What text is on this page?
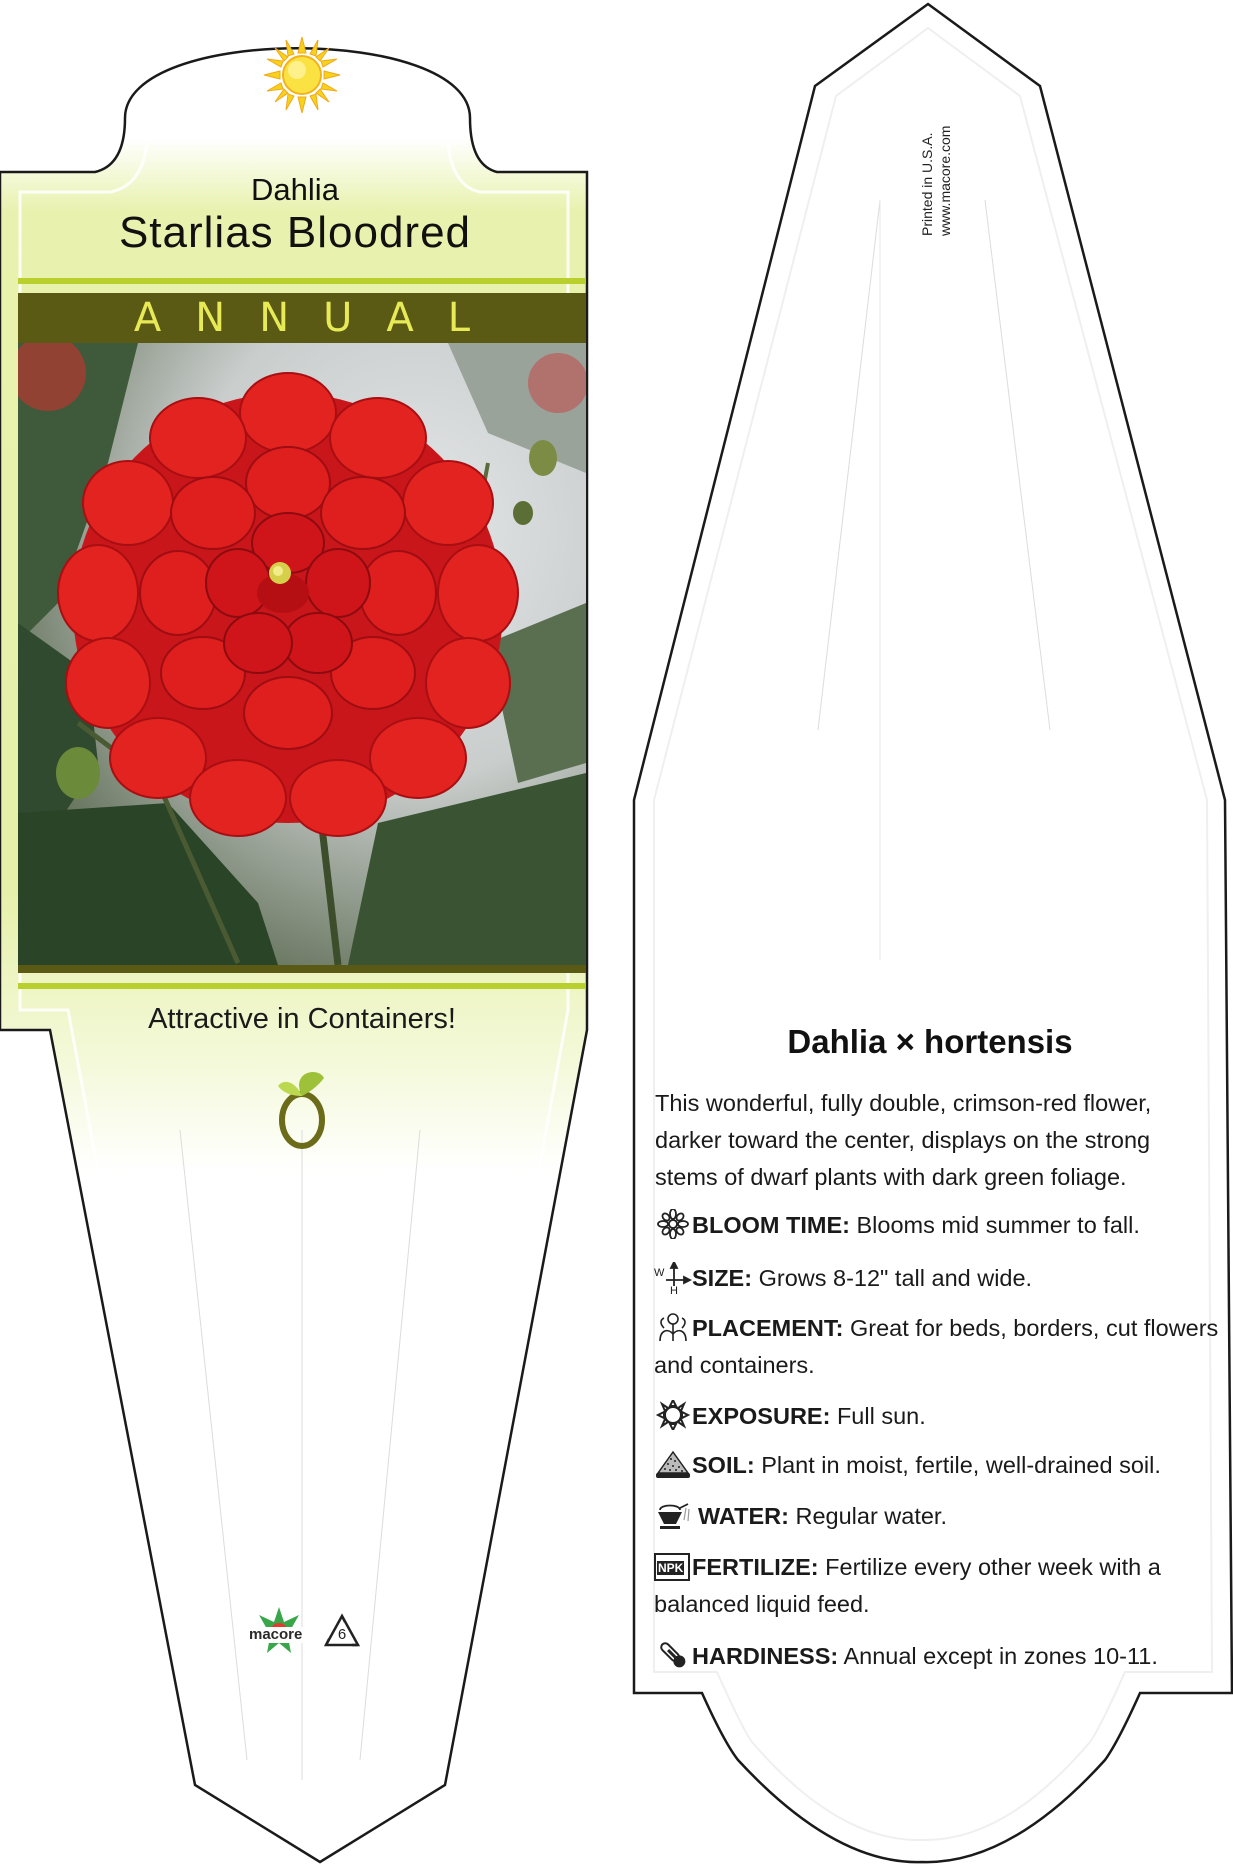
Dahlia
Starlias Bloodred
ANNUAL
Attractive in Containers!
macore	6
Printed in U.S.A. www.macore.com
Dahlia × hortensis
This wonderful, fully double, crimson-red flower, darker toward the center, displays on the strong stems of dwarf plants with dark green foliage.
BLOOM TIME: Blooms mid summer to fall.
W
H SIZE: Grows 8-12" tall and wide.
PLACEMENT: Great for beds, borders, cut flowers and containers.
EXPOSURE: Full sun.
SOIL: Plant in moist, fertile, well-drained soil.
WATER: Regular water.
NPK FERTILIZE: Fertilize every other week with a balanced liquid feed.
HARDINESS: Annual except in zones 10-11.
